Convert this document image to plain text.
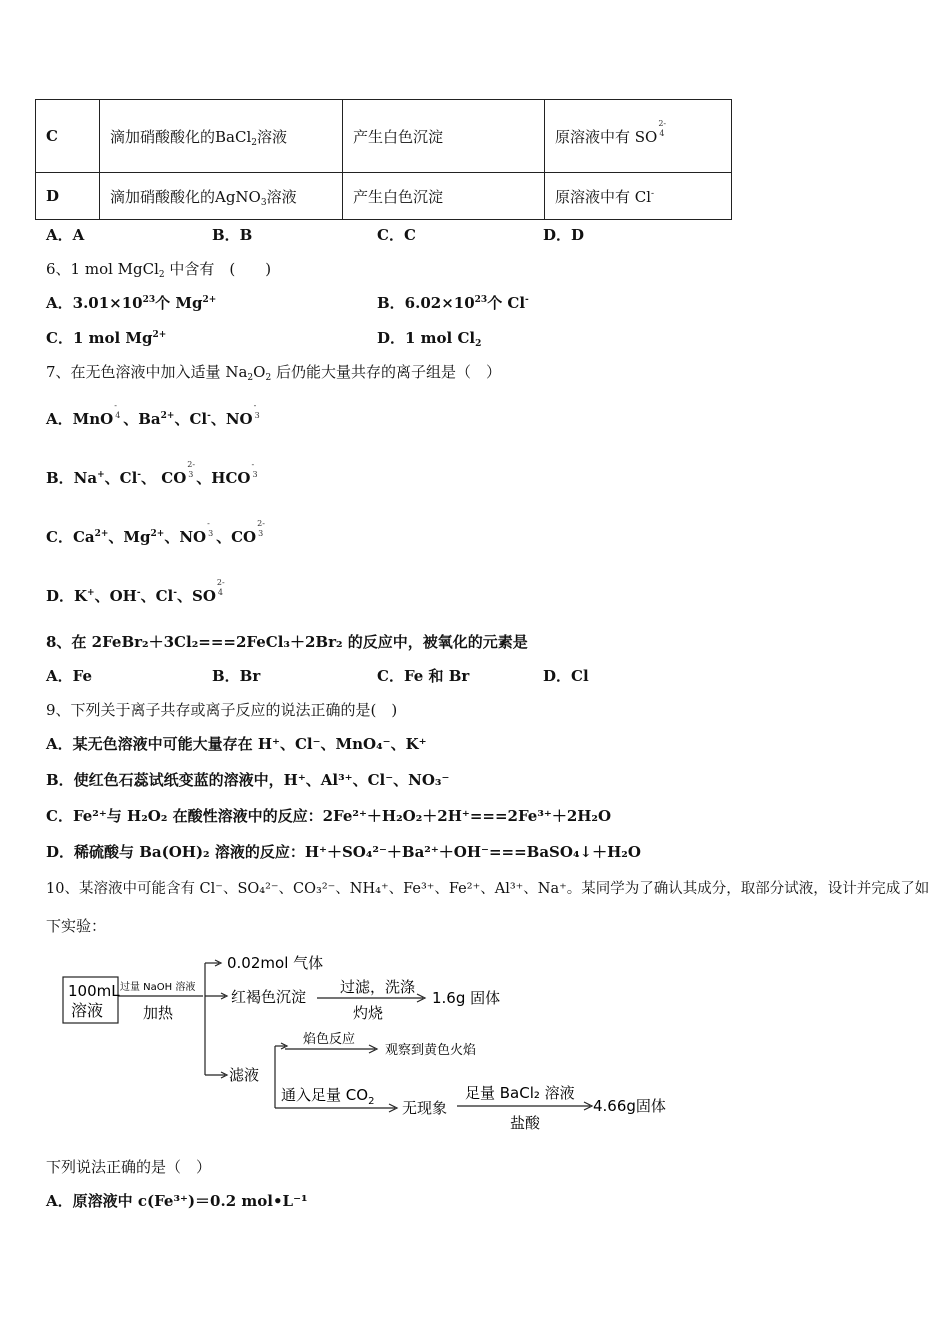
C	滴加硝酸酸化的BaCl$_2$溶液	产生白色沉淀	原溶液中有 SO
2-
4

D	滴加硝酸酸化的AgNO$_3$溶液	产生白色沉淀	原溶液中有 Cl-
A．A	B．B	C．C	D．D
6、1 mol MgCl$_2$ 中含有　(　　)
A．$3.01\times 10^{23}$个 $Mg^{2+}$	B．$6.02\times 10^{23}$个 Cl-
C．1 mol $Mg^{2+}$	D．1 mol $Cl_2$
7、在无色溶液中加入适量 $Na_2O_2$ 后仍能大量共存的离子组是（　）
A．MnO
-
4 、$Ba^{2+}$、Cl-、NO
-
3
B．Na+、Cl-、 CO
2-
3 、HCO
-
3
C．$Ca^{2+}$、$Mg^{2+}$、NO
-
3 、CO
2-
3
D．K+、OH-、Cl-、SO
2-
4
8、在 2FeBr₂＋3Cl₂===2FeCl₃＋2Br₂ 的反应中，被氧化的元素是
A．Fe	B．Br	C．Fe 和 Br	D．Cl
9、下列关于离子共存或离子反应的说法正确的是(　)
A．某无色溶液中可能大量存在 H⁺、Cl⁻、MnO₄⁻、K⁺
B．使红色石蕊试纸变蓝的溶液中，H⁺、Al³⁺、Cl⁻、NO₃⁻
C．Fe²⁺与 H₂O₂ 在酸性溶液中的反应：2Fe²⁺＋H₂O₂＋2H⁺===2Fe³⁺＋2H₂O
D．稀硫酸与 Ba(OH)₂ 溶液的反应：H⁺＋SO₄²⁻＋Ba²⁺＋OH⁻===BaSO₄↓＋H₂O
10、某溶液中可能含有 Cl⁻、SO₄²⁻、CO₃²⁻、NH₄⁺、Fe³⁺、Fe²⁺、Al³⁺、Na⁺。某同学为了确认其成分，取部分试液，设计并完成了如
下实验：
100mL
溶液
过量 NaOH 溶液
加热
0.02mol 气体
红褐色沉淀
过滤，洗涤
灼烧
1.6g 固体
滤液
焰色反应
观察到黄色火焰
通入足量 $CO_2$ 无现象
足量 BaCl₂ 溶液
盐酸
4.66g固体
下列说法正确的是（　）
A．原溶液中 c(Fe³⁺)＝0.2 mol•L⁻¹
